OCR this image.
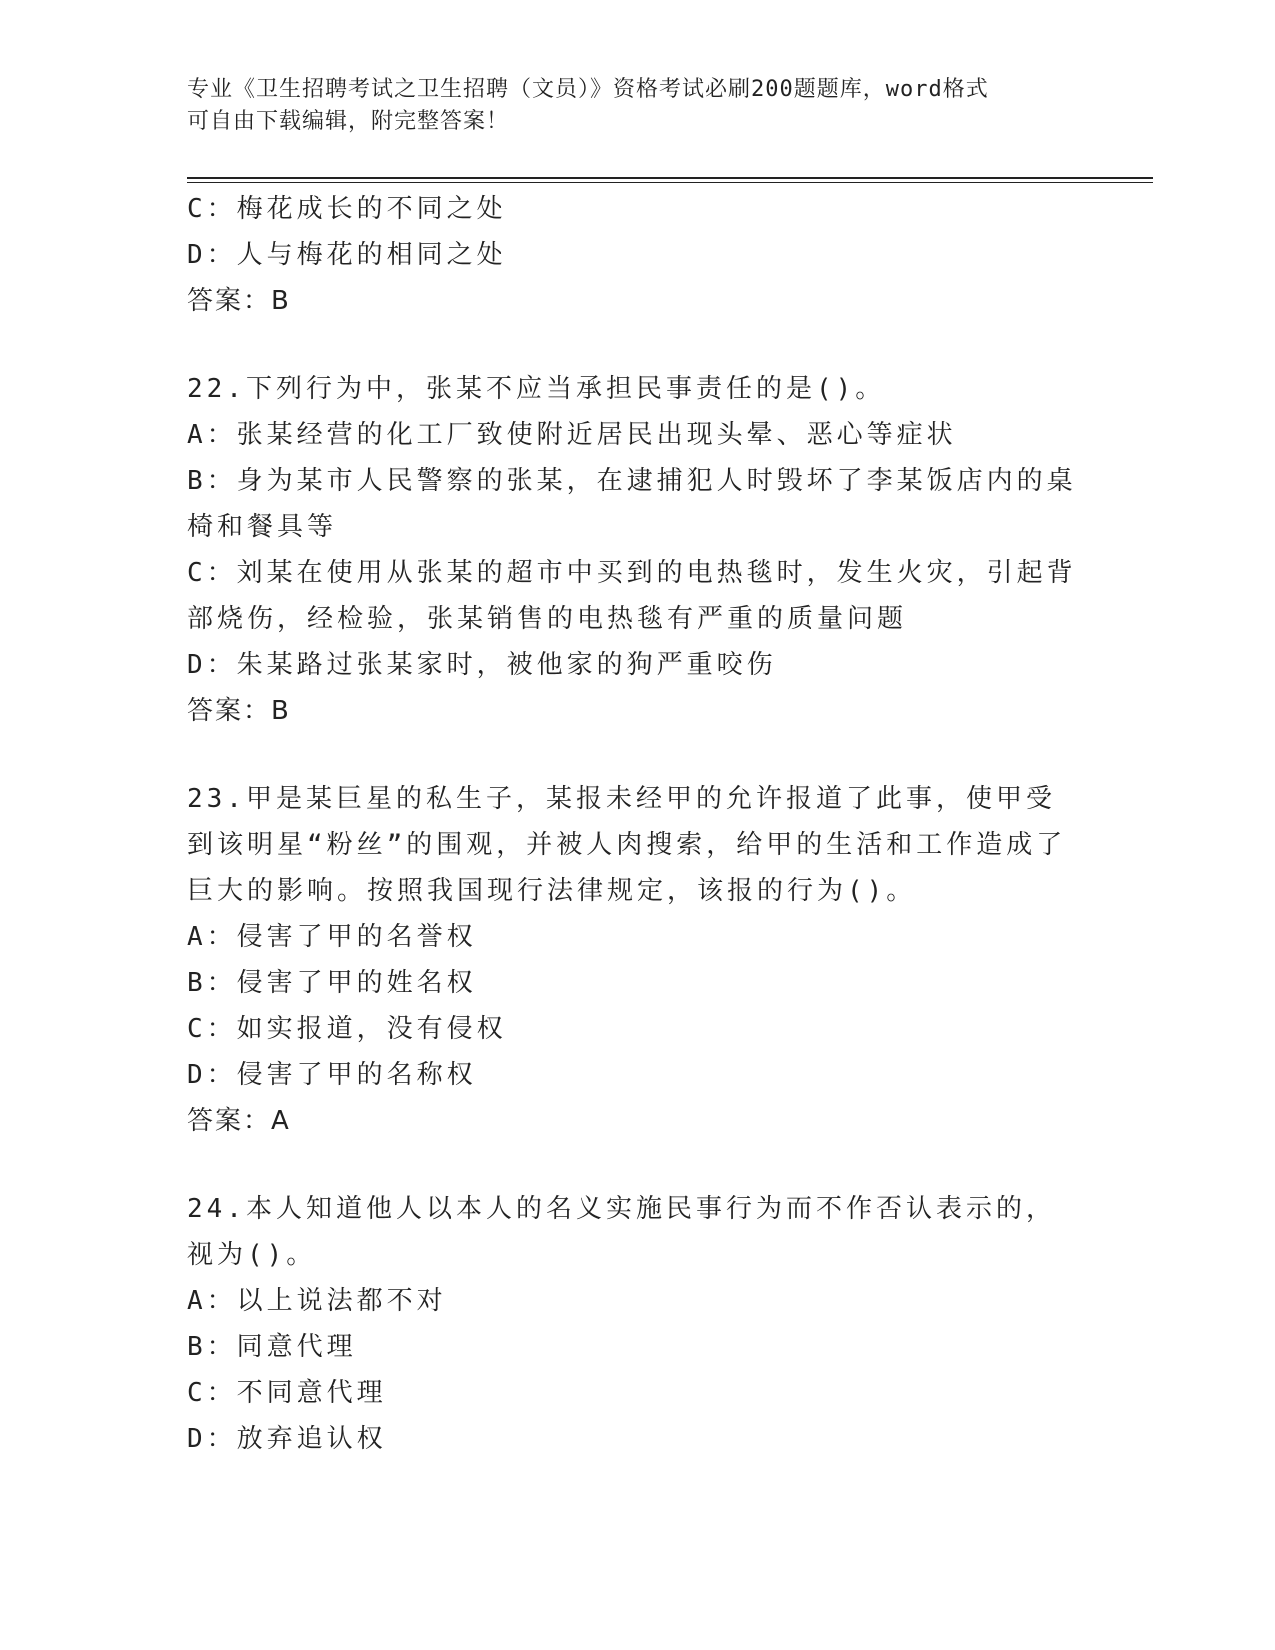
专业《卫生招聘考试之卫生招聘（文员）》资格考试必刷200题题库，word格式
可自由下载编辑，附完整答案！
C：梅花成长的不同之处
D：人与梅花的相同之处
答案：B
22.下列行为中，张某不应当承担民事责任的是()。
A：张某经营的化工厂致使附近居民出现头晕、恶心等症状
B：身为某市人民警察的张某，在逮捕犯人时毁坏了李某饭店内的桌椅和餐具等
C：刘某在使用从张某的超市中买到的电热毯时，发生火灾，引起背部烧伤，经检验，张某销售的电热毯有严重的质量问题
D：朱某路过张某家时，被他家的狗严重咬伤
答案：B
23.甲是某巨星的私生子，某报未经甲的允许报道了此事，使甲受到该明星“粉丝”的围观，并被人肉搜索，给甲的生活和工作造成了巨大的影响。按照我国现行法律规定，该报的行为()。
A：侵害了甲的名誉权
B：侵害了甲的姓名权
C：如实报道，没有侵权
D：侵害了甲的名称权
答案：A
24.本人知道他人以本人的名义实施民事行为而不作否认表示的，视为()。
A：以上说法都不对
B：同意代理
C：不同意代理
D：放弃追认权
